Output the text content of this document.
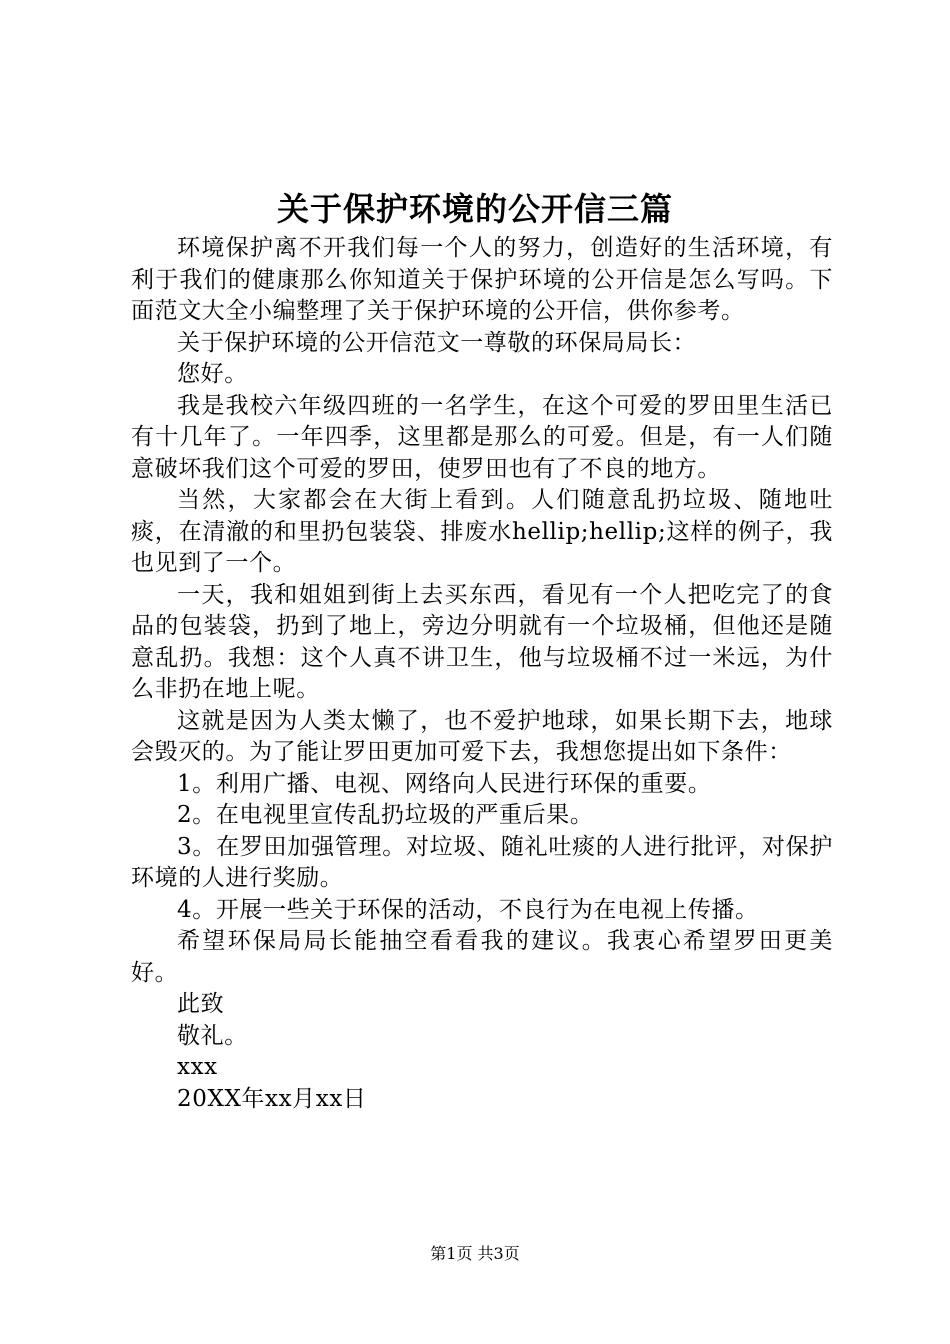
关于保护环境的公开信三篇

环境保护离不开我们每一个人的努力，创造好的生活环境，有利于我们的健康那么你知道关于保护环境的公开信是怎么写吗。下面范文大全小编整理了关于保护环境的公开信，供你参考。

关于保护环境的公开信范文一尊敬的环保局局长：

您好。

我是我校六年级四班的一名学生，在这个可爱的罗田里生活已有十几年了。一年四季，这里都是那么的可爱。但是，有一人们随意破坏我们这个可爱的罗田，使罗田也有了不良的地方。

当然，大家都会在大街上看到。人们随意乱扔垃圾、随地吐痰，在清澈的和里扔包装袋、排废水hellip;hellip;这样的例子，我也见到了一个。

一天，我和姐姐到街上去买东西，看见有一个人把吃完了的食品的包装袋，扔到了地上，旁边分明就有一个垃圾桶，但他还是随意乱扔。我想：这个人真不讲卫生，他与垃圾桶不过一米远，为什么非扔在地上呢。

这就是因为人类太懒了，也不爱护地球，如果长期下去，地球会毁灭的。为了能让罗田更加可爱下去，我想您提出如下条件：

1。利用广播、电视、网络向人民进行环保的重要。

2。在电视里宣传乱扔垃圾的严重后果。

3。在罗田加强管理。对垃圾、随礼吐痰的人进行批评，对保护环境的人进行奖励。

4。开展一些关于环保的活动，不良行为在电视上传播。

希望环保局局长能抽空看看我的建议。我衷心希望罗田更美好。

此致

敬礼。

xxx

20XX年xx月xx日

第1页 共3页
